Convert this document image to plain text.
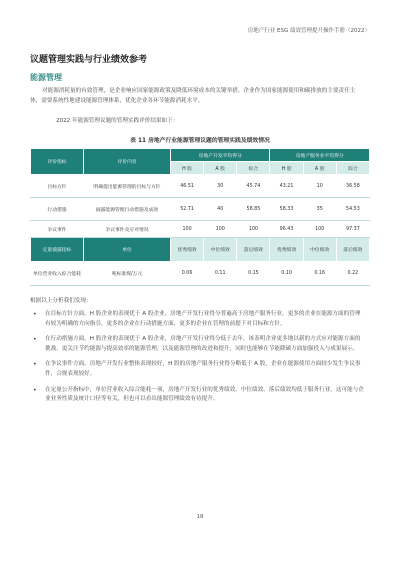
房地产行业 ESG 绩效管理提升操作手册（2022）
议题管理实践与行业绩效参考
能源管理
对能源消耗量的有效管理，是企业响应国家能源政策及降低环境成本的关键举措。企业作为国家能源使用和碳排放的主要责任主体，需要系统性地建设能源管理体系，优化企业各环节能源消耗水平。
2022 年能源管理议题的管理实践评价结果如下：
表 11 房地产行业能源管理议题的管理实践及绩效情况
评价指标	评价内容	房地产开发平均得分			房地产服务业平均得分		
		H 股	A 股	综合	H 股	A 股	综合
目标方针	明确提出能源管理的目标与方针	46.51	30	45.74	43.21	10	36.58
行动措施	披露能源管理行动措施及成效	52.71	40	58.85	58.33	35	54.53
争议事件	争议事件及应对情况	100	100	100	96.43	100	97.37
定量披露指标	单位	优秀绩效	中位绩效	落后绩效	优秀绩效	中位绩效	落后绩效
单位营业收入综合能耗	吨标准煤/万元	0.06	0.11	0.15	0.10	0.16	0.22
根据以上分析我们发现：
• 在目标方针方面，H 股企业的表现优于 A 股企业，房地产开发行业得分普遍高于房地产服务行业。更多的企业在能源方面的管理有较为明确的方向指引，更多的企业在行动措施方面，更多的企业在管理的前提下对目标和方针。
• 在行动措施方面，H 股企业的表现优于 A 股企业，房地产开发行业得分低于去年，该表明企业更多地以新的方式应对能源方面的挑战，更关注节约能源与提高效率的能源管理，以及能源管理的改进和提升，同时也能够在节能降碳方面加强投入与成果展示。
• 在争议事件方面，房地产开发行业整体表现较好，H 股的房地产服务行业得分略低于 A 股，企业在能源使用方面较少发生争议事件，合规表现较好。
• 在定量公开指标中，单位营业收入综合能耗一项，房地产开发行业的优秀绩效、中位绩效、落后绩效均低于服务行业，这可能与企业业务性质及统计口径等有关，但也可以看出能源管理绩效有待提升。
18
